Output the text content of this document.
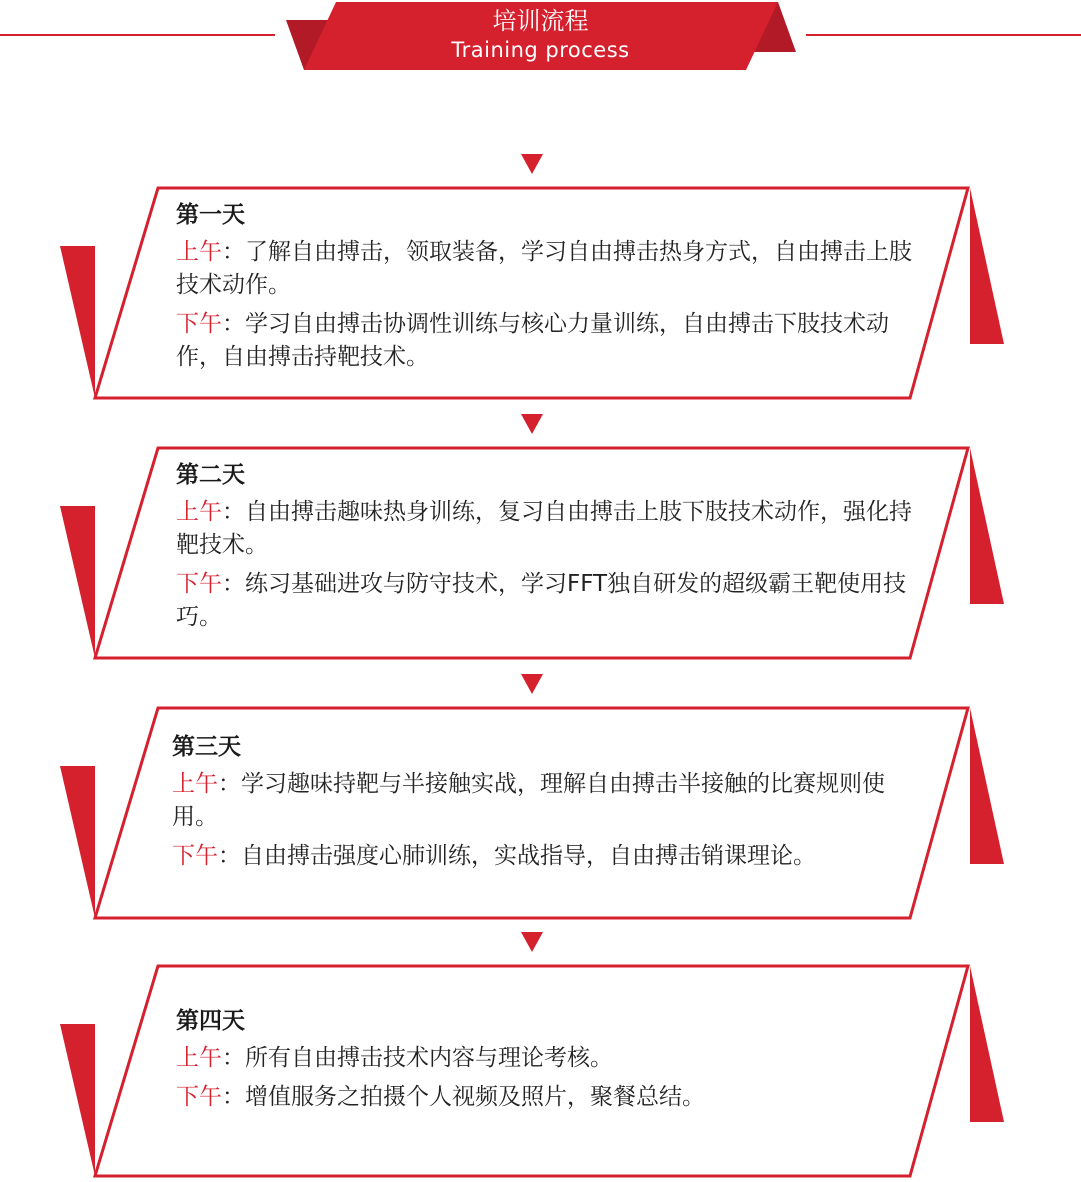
培训流程
Training process
第一天
上午：了解自由搏击，领取装备，学习自由搏击热身方式，自由搏击上肢技术动作。
下午：学习自由搏击协调性训练与核心力量训练，自由搏击下肢技术动作，自由搏击持靶技术。
第二天
上午：自由搏击趣味热身训练，复习自由搏击上肢下肢技术动作，强化持靶技术。
下午：练习基础进攻与防守技术，学习FFT独自研发的超级霸王靶使用技巧。
第三天
上午：学习趣味持靶与半接触实战，理解自由搏击半接触的比赛规则使用。
下午：自由搏击强度心肺训练，实战指导，自由搏击销课理论。
第四天
上午：所有自由搏击技术内容与理论考核。
下午：增值服务之拍摄个人视频及照片，聚餐总结。
